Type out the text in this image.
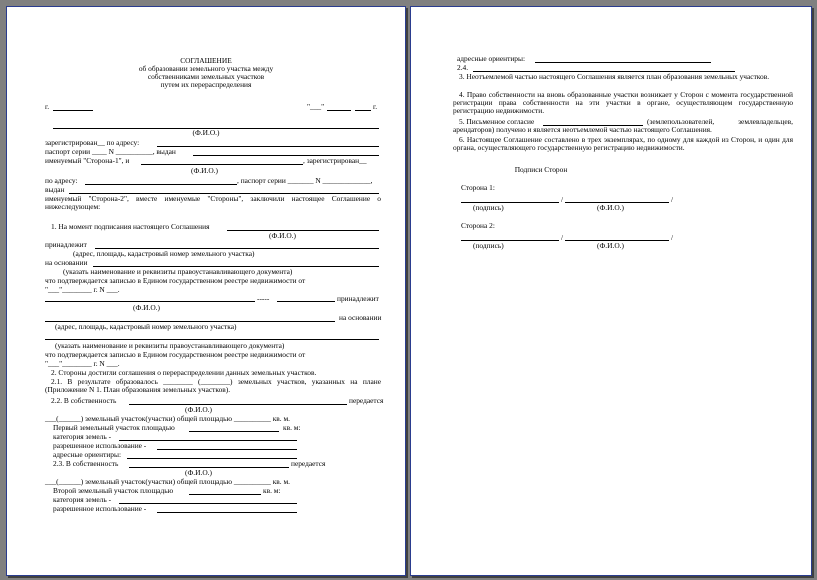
СОГЛАШЕНИЕ
об образовании земельного участка между
собственниками земельных участков
путем их перераспределения
г.	"___"	г.
(Ф.И.О.)
зарегистрирован__ по адресу:
паспорт серии ____ N __________, выдан
именуемый "Сторона-1", и	, зарегистрирован__
(Ф.И.О.)
по адресу:	, паспорт серии _______ N _____________,
выдан
именуемый "Сторона-2", вместе именуемые "Стороны", заключили настоящее Соглашение о нижеследующем:
1. На момент подписания настоящего Соглашения
(Ф.И.О.)
принадлежит
(адрес, площадь, кадастровый номер земельного участка)
на основании
(указать наименование и реквизиты правоустанавливающего документа)
что подтверждается записью в Едином государственном реестре недвижимости от
"___"________ г. N ___.
-----	принадлежит
(Ф.И.О.)
на основании
(адрес, площадь, кадастровый номер земельного участка)
(указать наименование и реквизиты правоустанавливающего документа)
что подтверждается записью в Едином государственном реестре недвижимости от
"___"________ г. N ___.
2. Стороны достигли соглашения о перераспределении данных земельных участков.
2.1. В результате образовалось ________ (________) земельных участков, указанных на плане (Приложение N 1. План образования земельных участков).
2.2. В собственность	передается
(Ф.И.О.)
___(______) земельный участок(участки) общей площадью __________ кв. м.
Первый земельный участок площадью	кв. м:
категория земель -
разрешенное использование -
адресные ориентиры:
2.3. В собственность	передается
(Ф.И.О.)
___(______) земельный участок(участки) общей площадью __________ кв. м.
Второй земельный участок площадью	кв. м:
категория земель -
разрешенное использование -
адресные ориентиры:
2.4.
3. Неотъемлемой частью настоящего Соглашения является план образования земельных участков.
4. Право собственности на вновь образованные участки возникает у Сторон с момента государственной регистрации права собственности на эти участки в органе, осуществляющем государственную регистрацию недвижимости.
5. Письменное согласие	(землепользователей, землевладельцев, арендаторов) получено и является неотъемлемой частью настоящего Соглашения.
6. Настоящее Соглашение составлено в трех экземплярах, по одному для каждой из Сторон, и один для органа, осуществляющего государственную регистрацию недвижимости.
Подписи Сторон
Сторона 1:
/	/
(подпись)	(Ф.И.О.)
Сторона 2:
/	/
(подпись)	(Ф.И.О.)
